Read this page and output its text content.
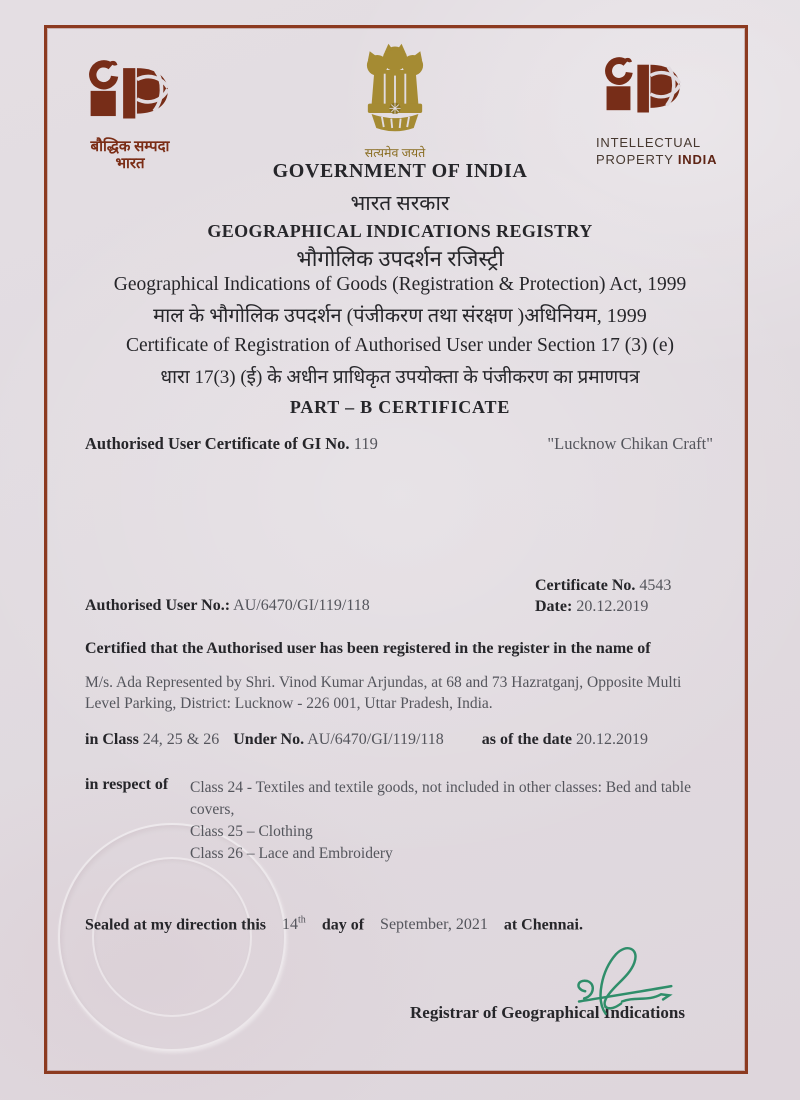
बौद्धिक सम्पदा
भारत
सत्यमेव जयते
INTELLECTUAL
PROPERTY INDIA
GOVERNMENT OF INDIA
भारत सरकार
GEOGRAPHICAL INDICATIONS REGISTRY
भौगोलिक उपदर्शन रजिस्ट्री
Geographical Indications of Goods (Registration & Protection) Act, 1999
माल के भौगोलिक उपदर्शन (पंजीकरण तथा संरक्षण )अधिनियम, 1999
Certificate of Registration of Authorised User under Section 17 (3) (e)
धारा 17(3) (ई) के अधीन प्राधिकृत उपयोक्ता के पंजीकरण का प्रमाणपत्र
PART – B CERTIFICATE
Authorised User Certificate of GI No. 119	"Lucknow Chikan Craft"
Certificate No. 4543
Date: 20.12.2019
Authorised User No.: AU/6470/GI/119/118
Certified that the Authorised user has been registered in the register in the name of
M/s. Ada Represented by Shri. Vinod Kumar Arjundas, at 68 and 73 Hazratganj, Opposite Multi Level Parking, District: Lucknow - 226 001, Uttar Pradesh, India.
in Class 24, 25 & 26 Under No. AU/6470/GI/119/118 as of the date 20.12.2019
in respect of Class 24 - Textiles and textile goods, not included in other classes: Bed and table covers,
Class 25 – Clothing
Class 26 – Lace and Embroidery
Sealed at my direction this 14th day of September, 2021 at Chennai.
Registrar of Geographical Indications
